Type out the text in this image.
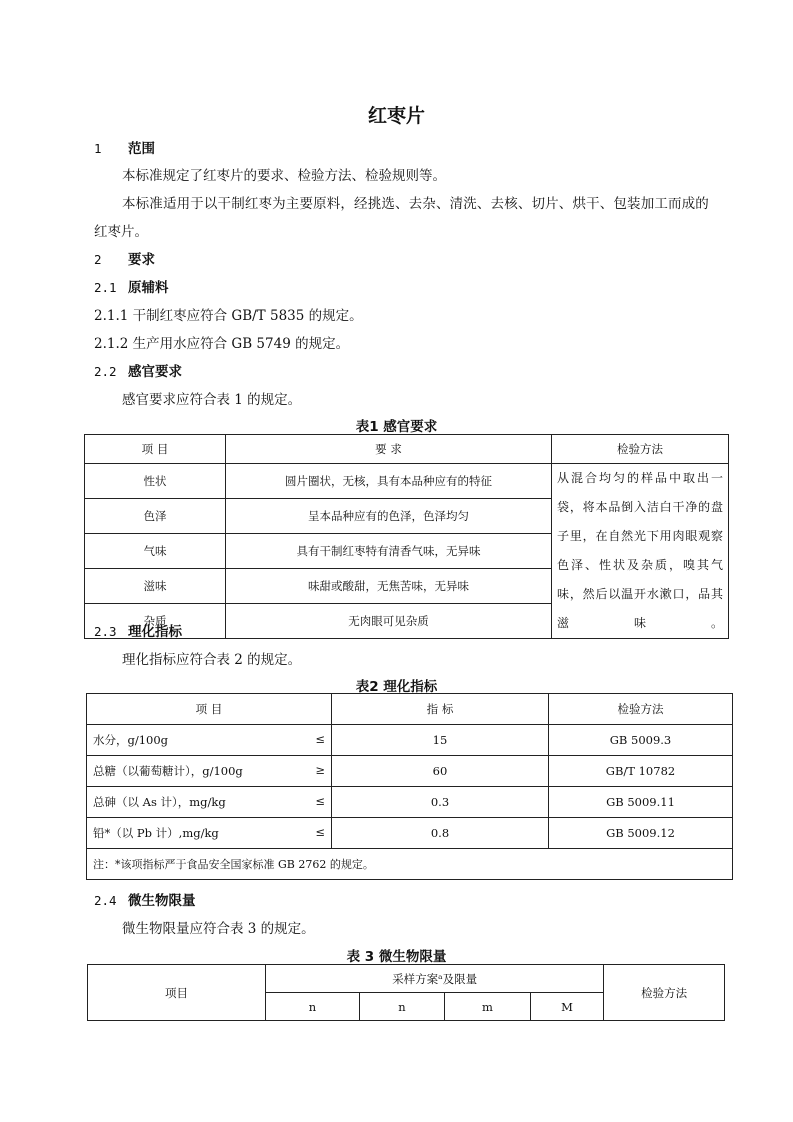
红枣片
1 范围
本标准规定了红枣片的要求、检验方法、检验规则等。
本标准适用于以干制红枣为主要原料，经挑选、去杂、清洗、去核、切片、烘干、包装加工而成的
红枣片。
2 要求
2.1 原辅料
2.1.1 干制红枣应符合 GB/T 5835 的规定。
2.1.2 生产用水应符合 GB 5749 的规定。
2.2 感官要求
感官要求应符合表 1 的规定。
表1 感官要求
项 目	要 求	检验方法
性状	圆片圈状，无核，具有本品种应有的特征	从混合均匀的样品中取出一袋，将本品倒入洁白干净的盘子里，在自然光下用肉眼观察色泽、性状及杂质，嗅其气味，然后以温开水漱口，品其滋味。
色泽	呈本品种应有的色泽，色泽均匀	
气味	具有干制红枣特有清香气味，无异味	
滋味	味甜或酸甜，无焦苦味，无异味	
杂质	无肉眼可见杂质	
2.3 理化指标
理化指标应符合表 2 的规定。
表2 理化指标
项 目	指 标	检验方法
水分，g/100g ≤	15	GB 5009.3
总糖（以葡萄糖计），g/100g ≥	60	GB/T 10782
总砷（以 As 计），mg/kg ≤	0.3	GB 5009.11
铅*（以 Pb 计）,mg/kg ≤	0.8	GB 5009.12
注：*该项指标严于食品安全国家标准 GB 2762 的规定。		
2.4 微生物限量
微生物限量应符合表 3 的规定。
表 3 微生物限量
项目	采样方案ᵃ及限量				检验方法
	n	n	m	M	
